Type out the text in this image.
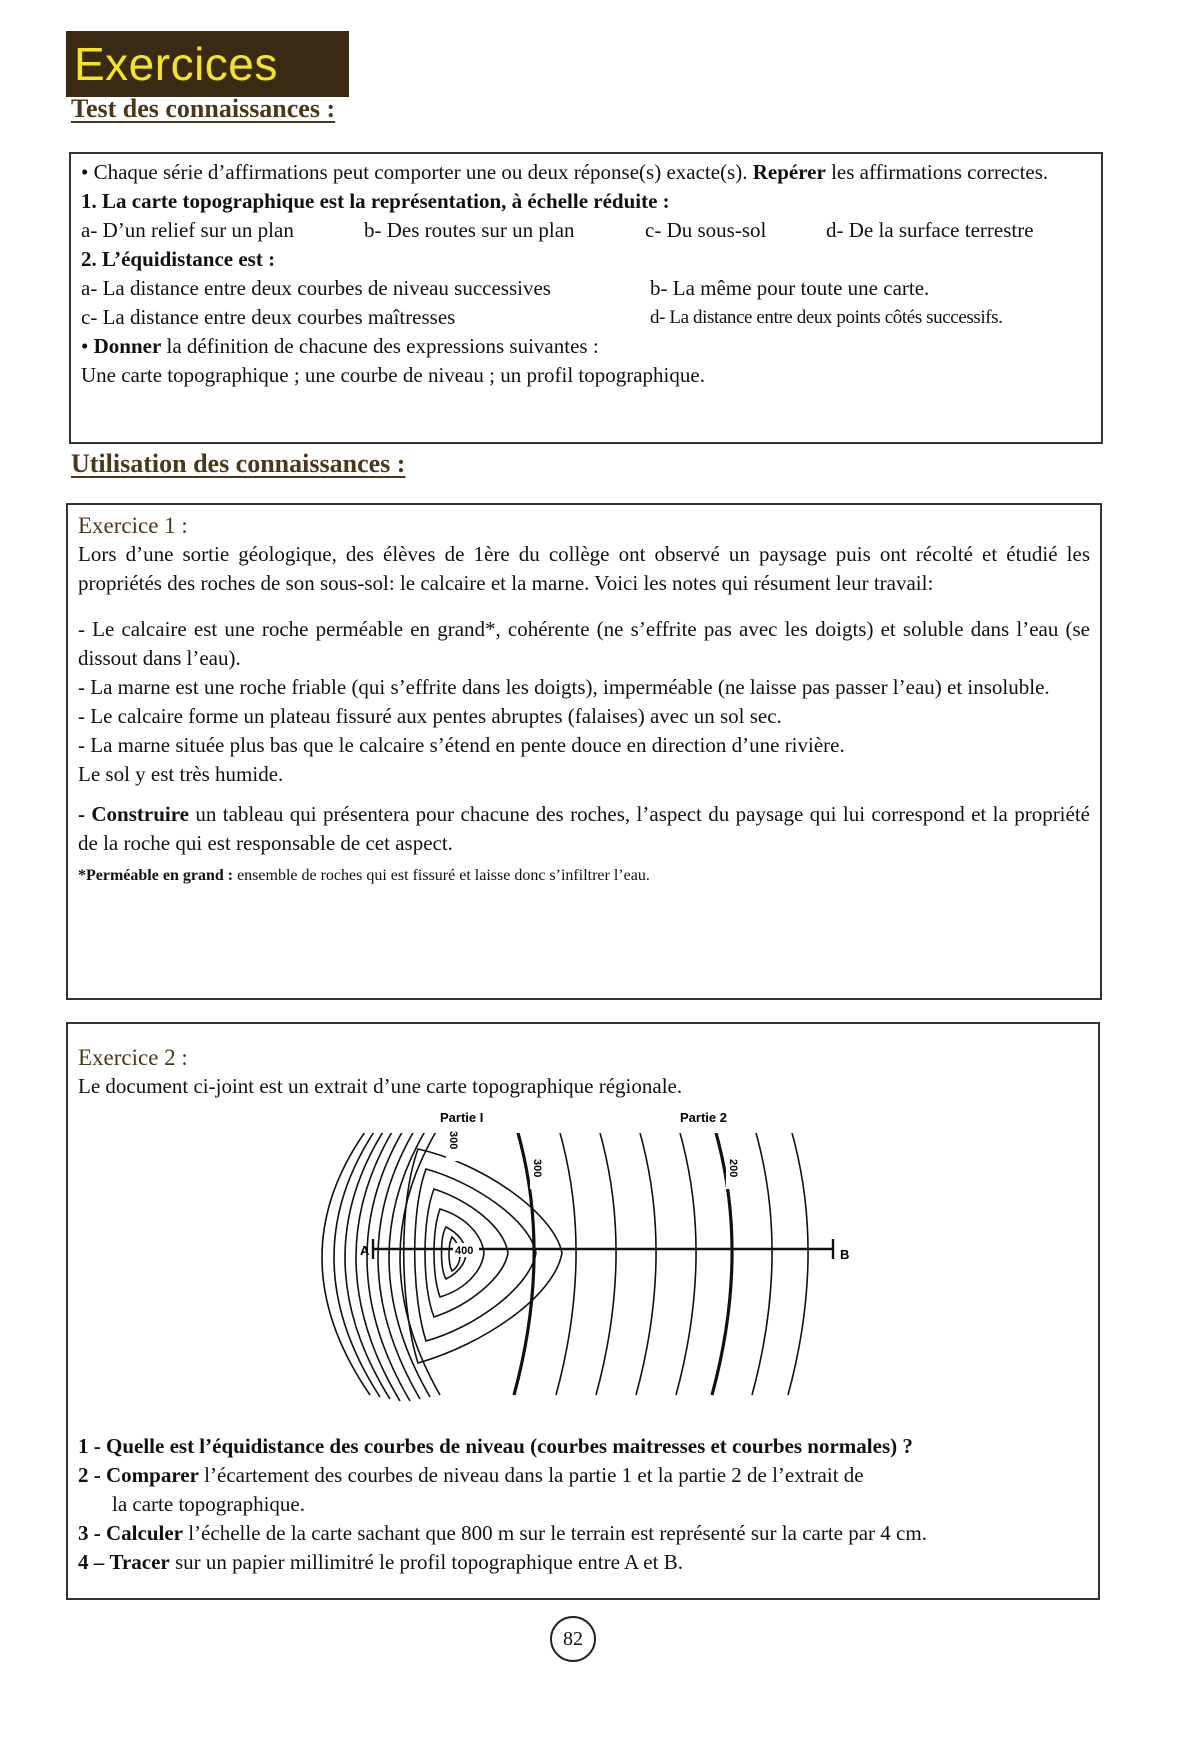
Exercices
Test des connaissances :

• Chaque série d’affirmations peut comporter une ou deux réponse(s) exacte(s). Repérer les affirmations correctes.

1. La carte topographique est la représentation, à échelle réduite :

a- D’un relief sur un plan	b- Des routes sur un plan	c- Du sous-sol	d- De la surface terrestre

2. L’équidistance est :

a- La distance entre deux courbes de niveau successives	b- La même pour toute une carte.
c- La distance entre deux courbes maîtresses	d- La distance entre deux points côtés successifs.

• Donner la définition de chacune des expressions suivantes :

Une carte topographique ; une courbe de niveau ; un profil topographique.

Utilisation des connaissances :

Exercice 1 :

Lors d’une sortie géologique, des élèves de 1ère du collège ont observé un paysage puis ont récolté et étudié les propriétés des roches de son sous-sol: le calcaire et la marne. Voici les notes qui résument leur travail:

- Le calcaire est une roche perméable en grand*, cohérente (ne s’effrite pas avec les doigts) et soluble dans l’eau (se dissout dans l’eau).

- La marne est une roche friable (qui s’effrite dans les doigts), imperméable (ne laisse pas passer l’eau) et insoluble.

- Le calcaire forme un plateau fissuré aux pentes abruptes (falaises) avec un sol sec.

- La marne située plus bas que le calcaire s’étend en pente douce en direction d’une rivière.

Le sol y est très humide.

- Construire un tableau qui présentera pour chacune des roches, l’aspect du paysage qui lui correspond et la propriété de la roche qui est responsable de cet aspect.

*Perméable en grand : ensemble de roches qui est fissuré et laisse donc s’infiltrer l’eau.

Exercice 2 :

Le document ci-joint est un extrait d’une carte topographique régionale.

Partie I	Partie 2
A	B
300
300	200
400

1 - Quelle est l’équidistance des courbes de niveau (courbes maitresses et courbes normales) ?

2 - Comparer l’écartement des courbes de niveau dans la partie 1 et la partie 2 de l’extrait de

la carte topographique.

3 - Calculer l’échelle de la carte sachant que 800 m sur le terrain est représenté sur la carte par 4 cm.

4 – Tracer sur un papier millimitré le profil topographique entre A et B.

82
